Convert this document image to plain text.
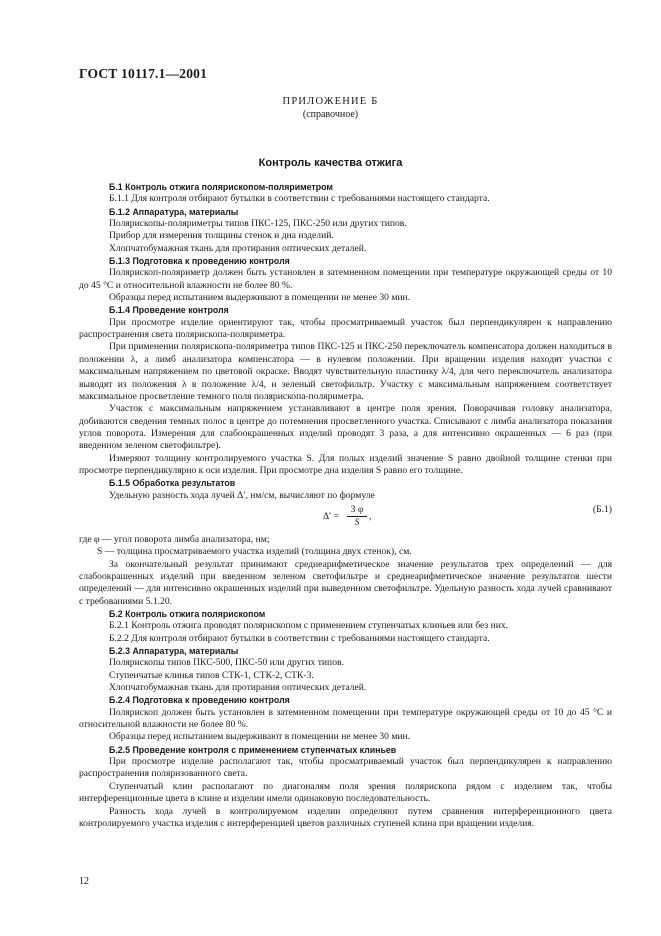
ГОСТ 10117.1—2001
ПРИЛОЖЕНИЕ Б
(справочное)
Контроль качества отжига

Б.1 Контроль отжига полярископом-поляриметром

Б.1.1 Для контроля отбирают бутылки в соответствии с требованиями настоящего стандарта.

Б.1.2 Аппаратура, материалы

Полярископы-поляриметры типов ПКС-125, ПКС-250 или других типов.

Прибор для измерения толщины стенок и дна изделий.

Хлопчатобумажная ткань для протирания оптических деталей.

Б.1.3 Подготовка к проведению контроля

Полярископ-поляриметр должен быть установлен в затемненном помещении при температуре окружающей среды от 10 до 45 °С и относительной влажности не более 80 %.

Образцы перед испытанием выдерживают в помещении не менее 30 мин.

Б.1.4 Проведение контроля

При просмотре изделие ориентируют так, чтобы просматриваемый участок был перпендикулярен к направлению распространения света полярископа-поляриметра.

При применении полярископа-поляриметра типов ПКС-125 и ПКС-250 переключатель компенсатора должен находиться в положении λ, а лимб анализатора компенсатора — в нулевом положении. При вращении изделия находят участки с максимальным напряжением по цветовой окраске. Вводят чувствительную пластинку λ/4, для чего переключатель анализатора выводят из положения λ в положение λ/4, и зеленый светофильтр. Участку с максимальным напряжением соответствует максимальное просветление темного поля полярископа-поляриметра.

Участок с максимальным напряжением устанавливают в центре поля зрения. Поворачивая головку анализатора, добиваются сведения темных полос в центре до потемнения просветленного участка. Списывают с лимба анализатора показания углов поворота. Измерения для слабоокрашенных изделий проводят 3 раза, а для интенсивно окрашенных — 6 раз (при введенном зеленом светофильтре).

Измеряют толщину контролируемого участка S. Для полых изделий значение S равно двойной толщине стенки при просмотре перпендикулярно к оси изделия. При просмотре дна изделия S равно его толщине.

Б.1.5 Обработка результатов

Удельную разность хода лучей Δ′, нм/см, вычисляют по формуле

$\Delta' = \frac{3 \varphi}{S}$ ,
(Б.1)

где φ — угол поворота лимба анализатора, нм;

S — толщина просматриваемого участка изделий (толщина двух стенок), см.

За окончательный результат принимают среднеарифметическое значение результатов трех определений — для слабоокрашенных изделий при введенном зеленом светофильтре и среднеарифметическое значение результатов шести определений — для интенсивно окрашенных изделий при выведенном светофильтре. Удельную разность хода лучей сравнивают с требованиями 5.1.20.

Б.2 Контроль отжига полярископом

Б.2.1 Контроль отжига проводят полярископом с применением ступенчатых клиньев или без них.

Б.2.2 Для контроля отбирают бутылки в соответствии с требованиями настоящего стандарта.

Б.2.3 Аппаратура, материалы

Полярископы типов ПКС-500, ПКС-50 или других типов.

Ступенчатые клинья типов СТК-1, СТК-2, СТК-3.

Хлопчатобумажная ткань для протирания оптических деталей.

Б.2.4 Подготовка к проведению контроля

Полярископ должен быть установлен в затемненном помещении при температуре окружающей среды от 10 до 45 °С и относительной влажности не более 80 %.

Образцы перед испытанием выдерживают в помещении не менее 30 мин.

Б.2.5 Проведение контроля с применением ступенчатых клиньев

При просмотре изделие располагают так, чтобы просматриваемый участок был перпендикулярен к направлению распространения поляризованного света.

Ступенчатый клин располагают по диагоналям поля зрения полярископа рядом с изделием так, чтобы интерференционные цвета в клине и изделии имели одинаковую последовательность.

Разность хода лучей в контролируемом изделии определяют путем сравнения интерференционного цвета контролируемого участка изделия с интерференцией цветов различных ступеней клина при вращении изделия.

12
